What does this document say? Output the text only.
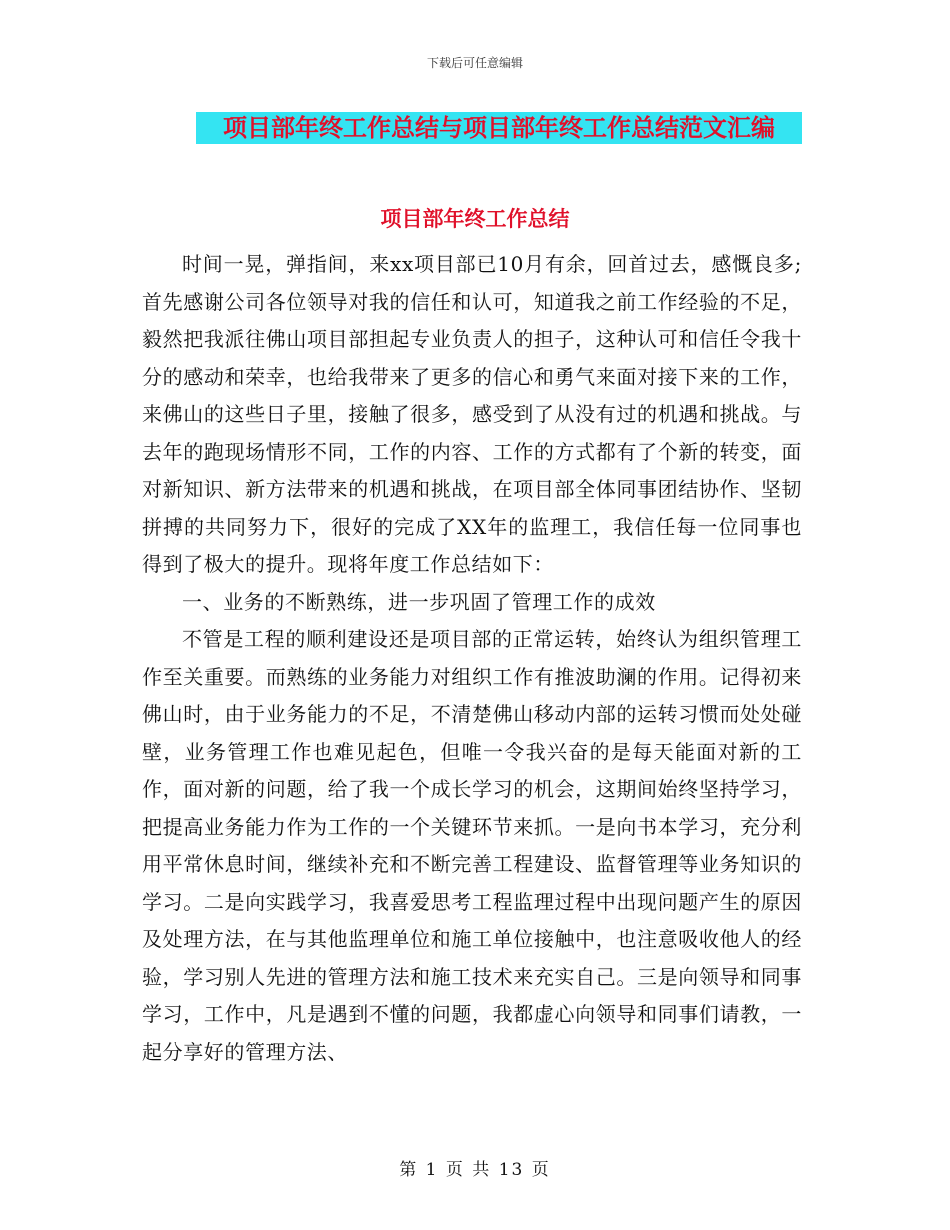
下载后可任意编辑
项目部年终工作总结与项目部年终工作总结范文汇编
项目部年终工作总结

时间一晃，弹指间，来xx项目部已10月有余，回首过去，感慨良多;首先感谢公司各位领导对我的信任和认可，知道我之前工作经验的不足，毅然把我派往佛山项目部担起专业负责人的担子，这种认可和信任令我十分的感动和荣幸，也给我带来了更多的信心和勇气来面对接下来的工作，来佛山的这些日子里，接触了很多，感受到了从没有过的机遇和挑战。与去年的跑现场情形不同，工作的内容、工作的方式都有了个新的转变，面对新知识、新方法带来的机遇和挑战，在项目部全体同事团结协作、坚韧拼搏的共同努力下，很好的完成了XX年的监理工，我信任每一位同事也得到了极大的提升。现将年度工作总结如下：

一、业务的不断熟练，进一步巩固了管理工作的成效

不管是工程的顺利建设还是项目部的正常运转，始终认为组织管理工作至关重要。而熟练的业务能力对组织工作有推波助澜的作用。记得初来佛山时，由于业务能力的不足，不清楚佛山移动内部的运转习惯而处处碰壁，业务管理工作也难见起色，但唯一令我兴奋的是每天能面对新的工作，面对新的问题，给了我一个成长学习的机会，这期间始终坚持学习，把提高业务能力作为工作的一个关键环节来抓。一是向书本学习，充分利用平常休息时间，继续补充和不断完善工程建设、监督管理等业务知识的学习。二是向实践学习，我喜爱思考工程监理过程中出现问题产生的原因及处理方法，在与其他监理单位和施工单位接触中，也注意吸收他人的经验，学习别人先进的管理方法和施工技术来充实自己。三是向领导和同事学习，工作中，凡是遇到不懂的问题，我都虚心向领导和同事们请教，一起分享好的管理方法、

第 1 页 共 13 页
